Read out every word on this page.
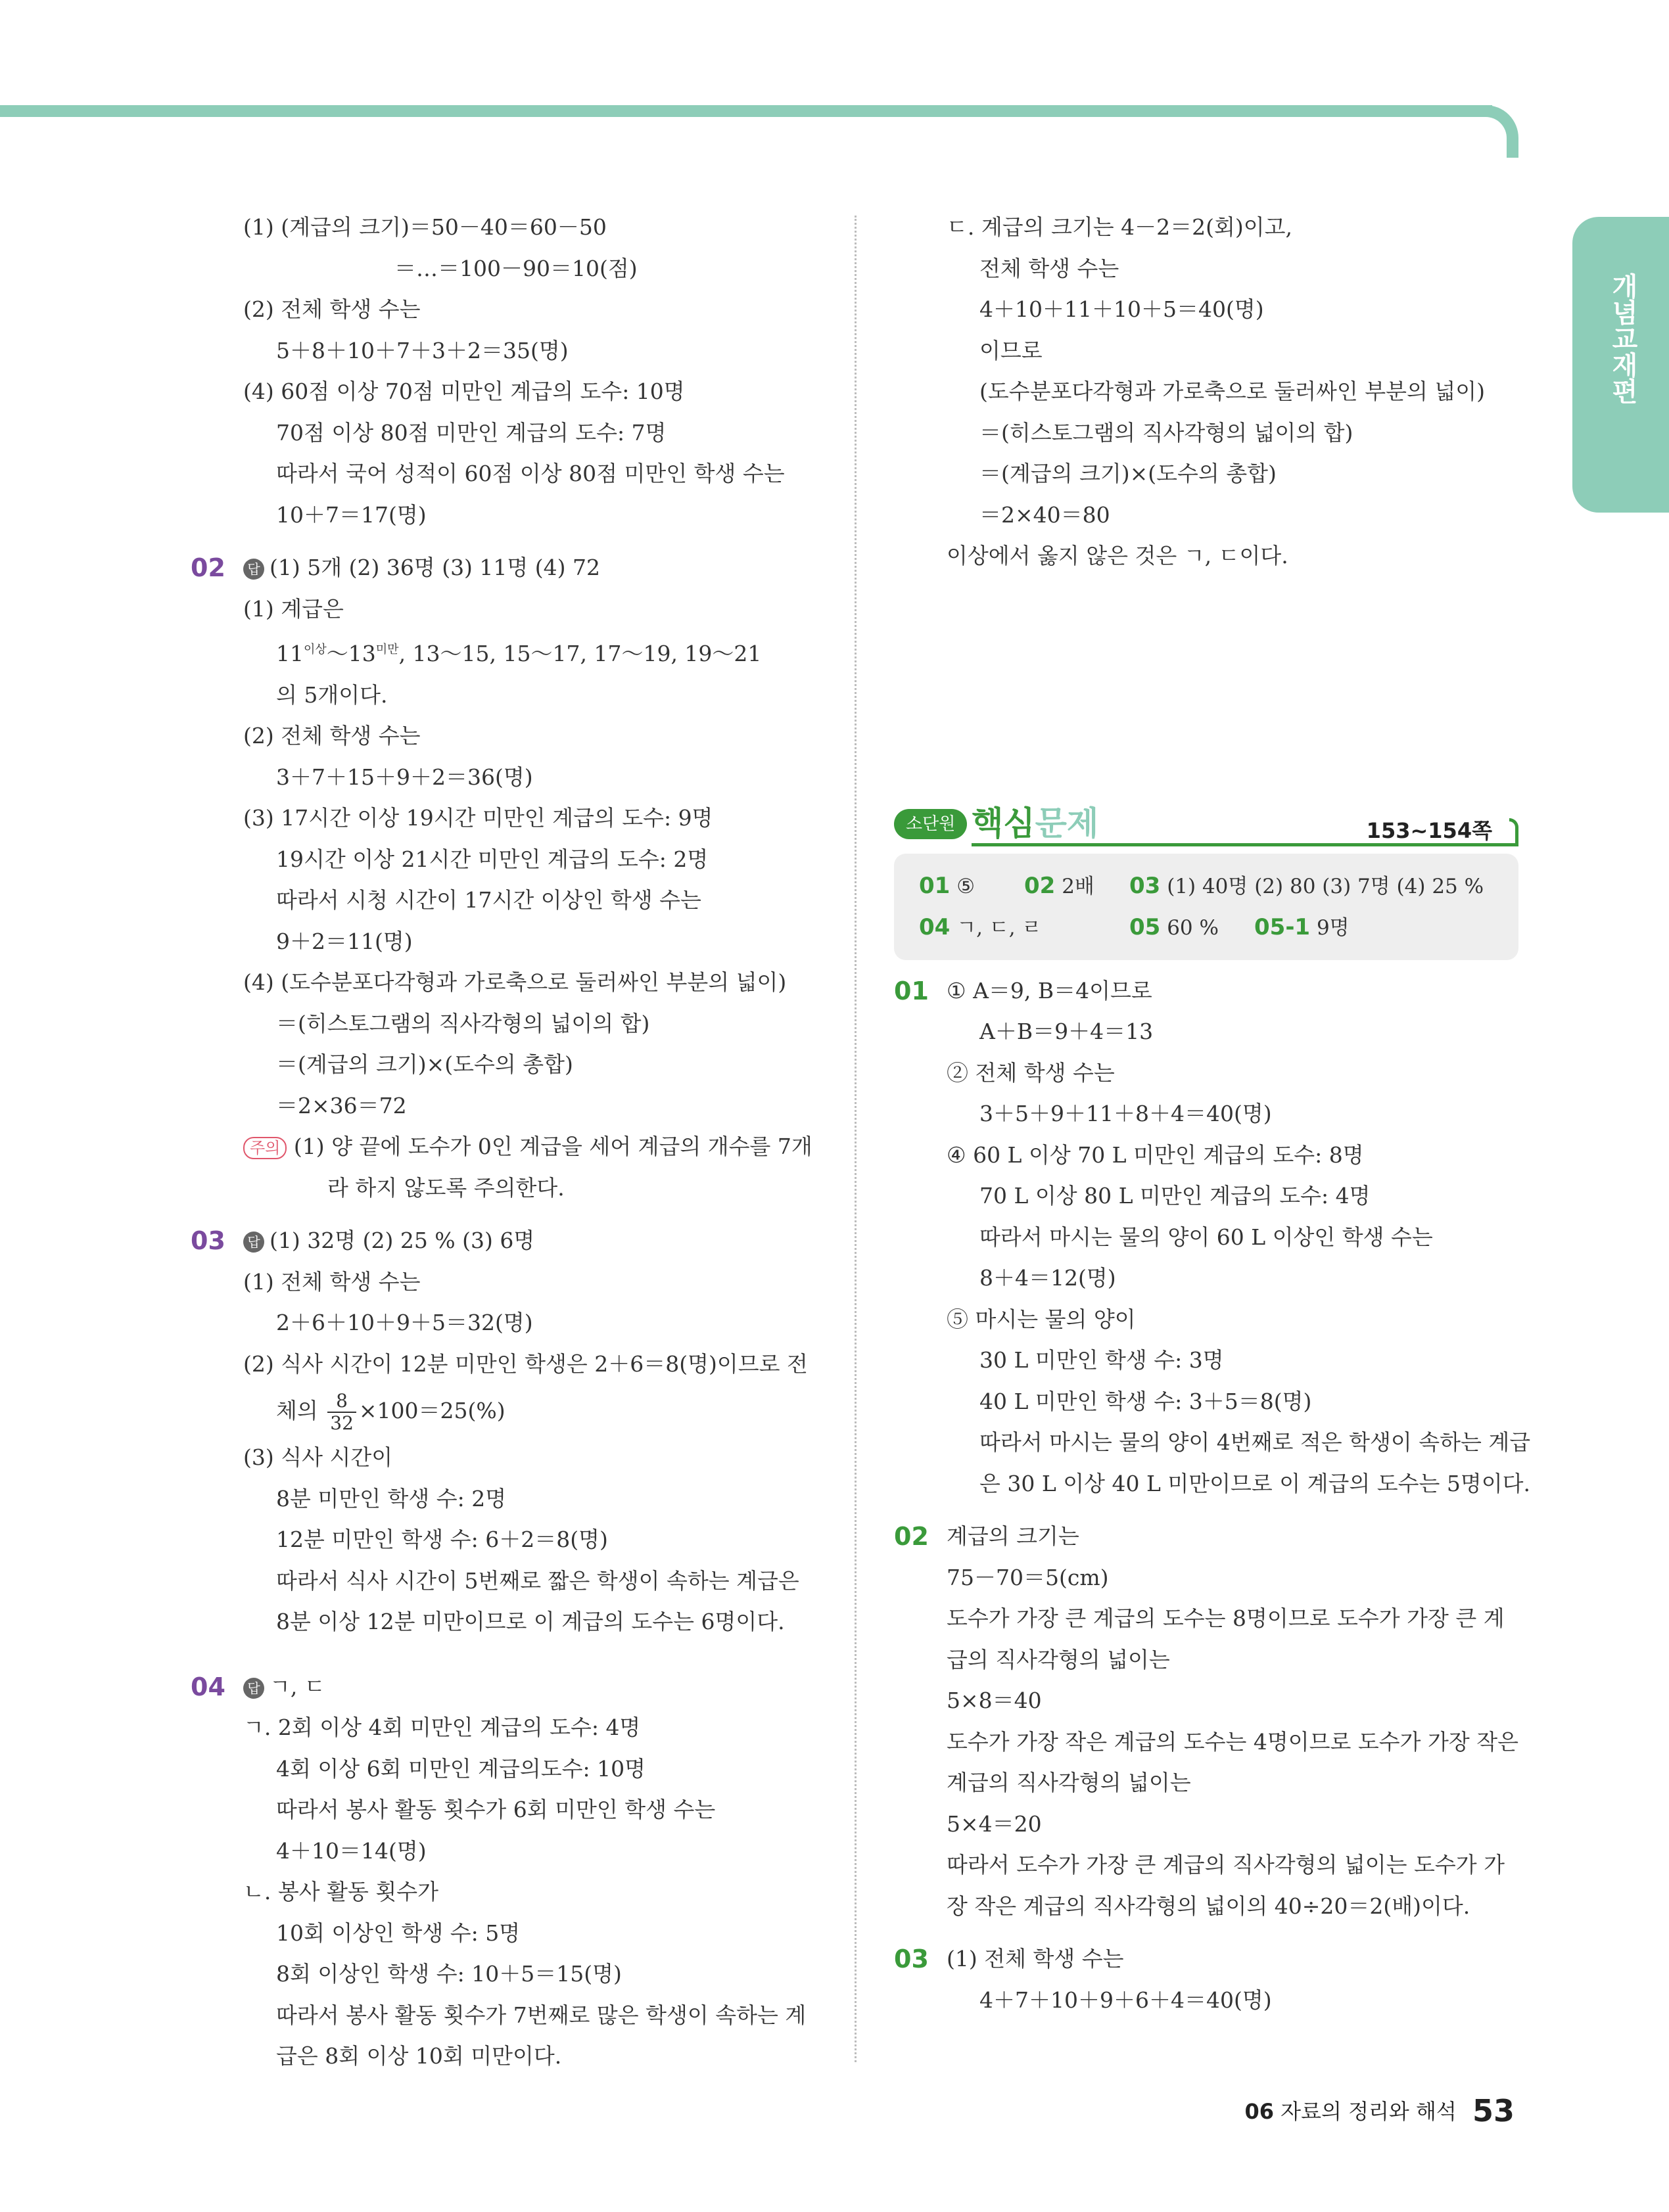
개념교재편
(1) (계급의 크기)＝50－40＝60－50
＝…＝100－90＝10(점)
(2) 전체 학생 수는
5＋8＋10＋7＋3＋2＝35(명)
(4) 60점 이상 70점 미만인 계급의 도수: 10명
70점 이상 80점 미만인 계급의 도수: 7명
따라서 국어 성적이 60점 이상 80점 미만인 학생 수는
10＋7＝17(명)
02 답 (1) 5개 (2) 36명 (3) 11명 (4) 72
(1) 계급은
$11^{이상}\sim 13^{미만}$, 13～15, 15～17, 17～19, 19～21
의 5개이다.
(2) 전체 학생 수는
3＋7＋15＋9＋2＝36(명)
(3) 17시간 이상 19시간 미만인 계급의 도수: 9명
19시간 이상 21시간 미만인 계급의 도수: 2명
따라서 시청 시간이 17시간 이상인 학생 수는
9＋2＝11(명)
(4) (도수분포다각형과 가로축으로 둘러싸인 부분의 넓이)
＝(히스토그램의 직사각형의 넓이의 합)
＝(계급의 크기)×(도수의 총합)
＝2×36＝72
주의 (1) 양 끝에 도수가 0인 계급을 세어 계급의 개수를 7개
라 하지 않도록 주의한다.
03 답 (1) 32명 (2) 25 % (3) 6명
(1) 전체 학생 수는
2＋6＋10＋9＋5＝32(명)
(2) 식사 시간이 12분 미만인 학생은 2＋6＝8(명)이므로 전
체의 $\frac{8}{32} \times 100=25(\%)$
(3) 식사 시간이
8분 미만인 학생 수: 2명
12분 미만인 학생 수: 6＋2＝8(명)
따라서 식사 시간이 5번째로 짧은 학생이 속하는 계급은
8분 이상 12분 미만이므로 이 계급의 도수는 6명이다.
04 답 ㄱ, ㄷ
ㄱ. 2회 이상 4회 미만인 계급의 도수: 4명
4회 이상 6회 미만인 계급의도수: 10명
따라서 봉사 활동 횟수가 6회 미만인 학생 수는
4＋10＝14(명)
ㄴ. 봉사 활동 횟수가
10회 이상인 학생 수: 5명
8회 이상인 학생 수: 10＋5＝15(명)
따라서 봉사 활동 횟수가 7번째로 많은 학생이 속하는 계
급은 8회 이상 10회 미만이다.
ㄷ. 계급의 크기는 4－2＝2(회)이고,
전체 학생 수는
4＋10＋11＋10＋5＝40(명)
이므로
(도수분포다각형과 가로축으로 둘러싸인 부분의 넓이)
＝(히스토그램의 직사각형의 넓이의 합)
＝(계급의 크기)×(도수의 총합)
＝2×40＝80
이상에서 옳지 않은 것은 ㄱ, ㄷ이다.
소단원 핵심문제	153~154쪽
01 ⑤ 02 2배 03 (1) 40명 (2) 80 (3) 7명 (4) 25 %
04 ㄱ, ㄷ, ㄹ	05 60 % 05-1 9명
01 ① A＝9, B＝4이므로
A＋B＝9＋4＝13
② 전체 학생 수는
3＋5＋9＋11＋8＋4＝40(명)
④ 60 L 이상 70 L 미만인 계급의 도수: 8명
70 L 이상 80 L 미만인 계급의 도수: 4명
따라서 마시는 물의 양이 60 L 이상인 학생 수는
8＋4＝12(명)
⑤ 마시는 물의 양이
30 L 미만인 학생 수: 3명
40 L 미만인 학생 수: 3＋5＝8(명)
따라서 마시는 물의 양이 4번째로 적은 학생이 속하는 계급
은 30 L 이상 40 L 미만이므로 이 계급의 도수는 5명이다.
02 계급의 크기는
75－70＝5(cm)
도수가 가장 큰 계급의 도수는 8명이므로 도수가 가장 큰 계
급의 직사각형의 넓이는
5×8＝40
도수가 가장 작은 계급의 도수는 4명이므로 도수가 가장 작은
계급의 직사각형의 넓이는
5×4＝20
따라서 도수가 가장 큰 계급의 직사각형의 넓이는 도수가 가
장 작은 계급의 직사각형의 넓이의 40÷20＝2(배)이다.
03 (1) 전체 학생 수는
4＋7＋10＋9＋6＋4＝40(명)
06 자료의 정리와 해석 53
